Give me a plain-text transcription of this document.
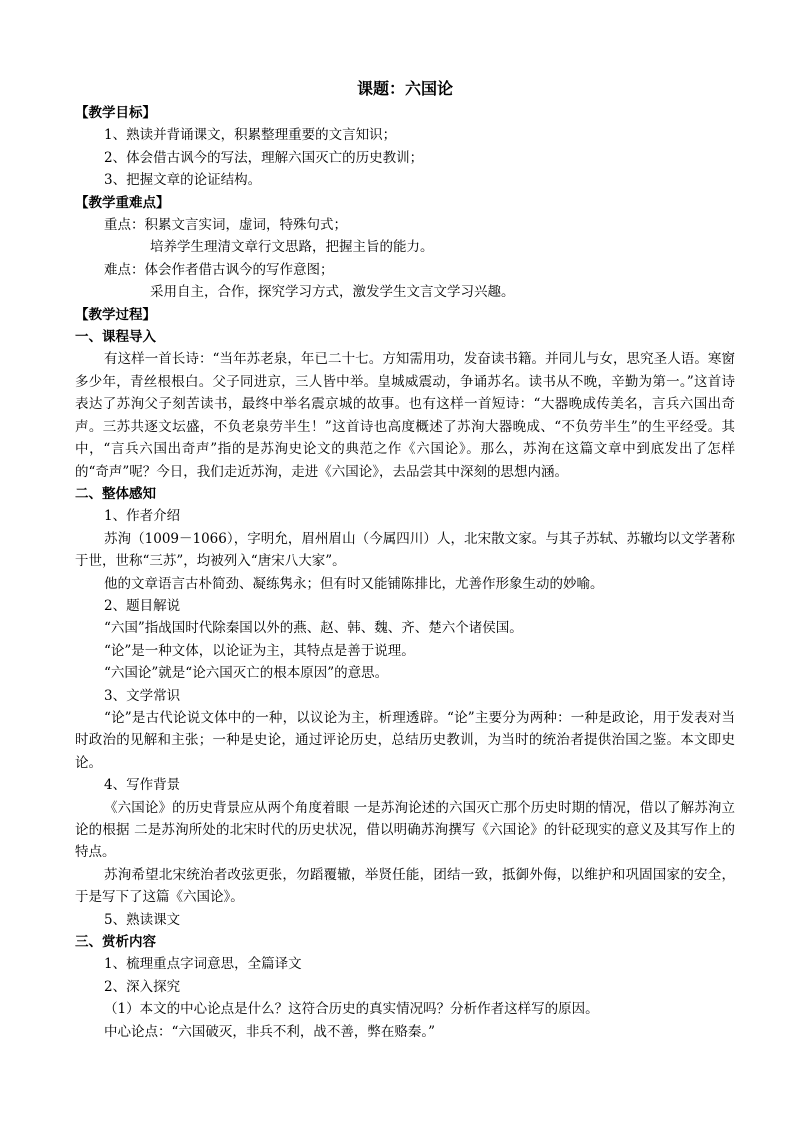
课题：六国论
【教学目标】
1、熟读并背诵课文，积累整理重要的文言知识；
2、体会借古讽今的写法，理解六国灭亡的历史教训；
3、把握文章的论证结构。
【教学重难点】
重点：积累文言实词，虚词，特殊句式；
培养学生理清文章行文思路，把握主旨的能力。
难点：体会作者借古讽今的写作意图；
采用自主，合作，探究学习方式，激发学生文言文学习兴趣。
【教学过程】
一、课程导入
有这样一首长诗：“当年苏老泉，年已二十七。方知需用功，发奋读书籍。并同儿与女，思究圣人语。寒窗多少年，青丝根根白。父子同进京，三人皆中举。皇城威震动，争诵苏名。读书从不晚，辛勤为第一。”这首诗表达了苏洵父子刻苦读书，最终中举名震京城的故事。也有这样一首短诗：“大器晚成传美名，言兵六国出奇声。三苏共逐文坛盛，不负老泉劳半生！”这首诗也高度概述了苏洵大器晚成、“不负劳半生”的生平经受。其中，“言兵六国出奇声”指的是苏洵史论文的典范之作《六国论》。那么，苏洵在这篇文章中到底发出了怎样的“奇声”呢？今日，我们走近苏洵，走进《六国论》，去品尝其中深刻的思想内涵。
二、整体感知
1、作者介绍
苏洵（1009－1066），字明允，眉州眉山（今属四川）人，北宋散文家。与其子苏轼、苏辙均以文学著称于世，世称“三苏”，均被列入“唐宋八大家”。
他的文章语言古朴简劲、凝练隽永；但有时又能铺陈排比，尤善作形象生动的妙喻。
2、题目解说
“六国”指战国时代除秦国以外的燕、赵、韩、魏、齐、楚六个诸侯国。
“论”是一种文体，以论证为主，其特点是善于说理。
“六国论”就是“论六国灭亡的根本原因”的意思。
3、文学常识
“论”是古代论说文体中的一种，以议论为主，析理透辟。“论”主要分为两种：一种是政论，用于发表对当时政治的见解和主张；一种是史论，通过评论历史，总结历史教训，为当时的统治者提供治国之鉴。本文即史论。
4、写作背景
《六国论》的历史背景应从两个角度着眼 一是苏洵论述的六国灭亡那个历史时期的情况，借以了解苏洵立论的根据 二是苏洵所处的北宋时代的历史状况，借以明确苏洵撰写《六国论》的针砭现实的意义及其写作上的特点。
苏洵希望北宋统治者改弦更张，勿蹈覆辙，举贤任能，团结一致，抵御外侮，以维护和巩固国家的安全，于是写下了这篇《六国论》。
5、熟读课文
三、赏析内容
1、梳理重点字词意思，全篇译文
2、深入探究
（1）本文的中心论点是什么？这符合历史的真实情况吗？分析作者这样写的原因。
中心论点：“六国破灭，非兵不利，战不善，弊在赂秦。”
